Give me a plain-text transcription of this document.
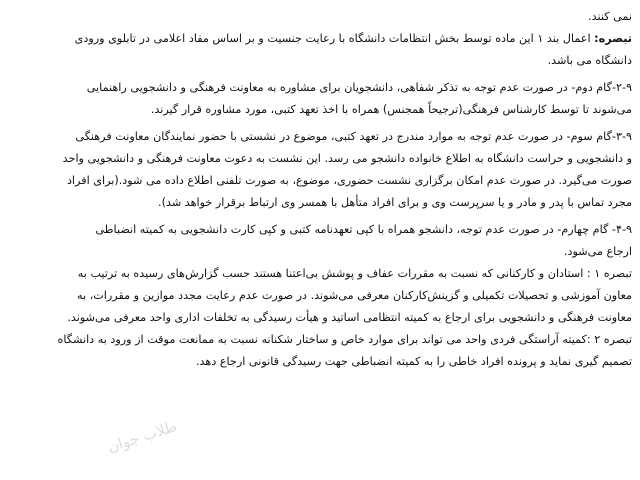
نمی کنند.
تبصره: اعمال بند ۱ این ماده توسط بخش انتظامات دانشگاه با رعایت جنسیت و بر اساس مفاد اعلامی در تابلوی ورودی
دانشگاه می باشد.
۲-۹-گام دوم- در صورت عدم توجه به تذکر شفاهی، دانشجویان برای مشاوره به معاونت فرهنگی و دانشجویی راهنمایی
می‌شوند تا توسط کارشناس فرهنگی(ترجیحاً همجنس) همراه با اخذ تعهد کتبی، مورد مشاوره قرار گیرند.
۳-۹-گام سوم- در صورت عدم توجه به موارد مندرج در تعهد کتبی، موضوع در نشستی با حضور نمایندگان معاونت فرهنگی
و دانشجویی و حراست دانشگاه به اطلاع خانواده دانشجو می رسد. این نشست به دعوت معاونت فرهنگی و دانشجویی واحد
صورت می‌گیرد. در صورت عدم امکان برگزاری نشست حضوری، موضوع، به صورت تلفنی اطلاع داده می شود.(برای افراد
مجرد تماس با پدر و مادر و یا سرپرست وی و برای افراد متأهل با همسر وی ارتباط برقرار خواهد شد).
۴-۹- گام چهارم- در صورت عدم توجه، دانشجو همراه با کپی تعهدنامه کتبی و کپی کارت دانشجویی به کمیته انضباطی
ارجاع می‌شود.
تبصره ۱ : استادان و کارکنانی که نسبت به مقررات عفاف و پوشش بی‌اعتنا هستند حسب گزارش‌های رسیده به ترتیب به
معاون آموزشی و تحصیلات تکمیلی و گزینش‌کارکنان معرفی می‌شوند. در صورت عدم رعایت مجدد موازین و مقررات، به
معاونت فرهنگی و دانشجویی برای ارجاع به کمیته انتظامی اساتید و هیأت رسیدگی به تخلفات اداری واحد معرفی می‌شوند.
تبصره ۲ :کمیته آراستگی فردی واحد می تواند برای موارد خاص و ساختار شکنانه نسبت به ممانعت موقت از ورود به دانشگاه
تصمیم گیری نماید و پرونده افراد خاطی را به کمیته انضباطی جهت رسیدگی قانونی ارجاع دهد.
طلاب جوان
